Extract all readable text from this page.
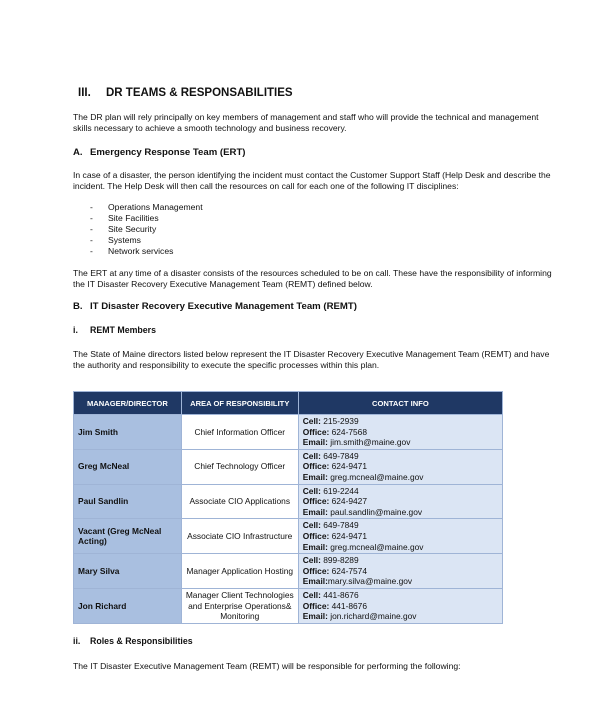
III. DR TEAMS & RESPONSABILITIES
The DR plan will rely principally on key members of management and staff who will provide the technical and management skills necessary to achieve a smooth technology and business recovery.
A. Emergency Response Team (ERT)
In case of a disaster, the person identifying the incident must contact the Customer Support Staff (Help Desk and describe the incident. The Help Desk will then call the resources on call for each one of the following IT disciplines:
- Operations Management
- Site Facilities
- Site Security
- Systems
- Network services
The ERT at any time of a disaster consists of the resources scheduled to be on call. These have the responsibility of informing the IT Disaster Recovery Executive Management Team (REMT) defined below.
B. IT Disaster Recovery Executive Management Team (REMT)
i. REMT Members
The State of Maine directors listed below represent the IT Disaster Recovery Executive Management Team (REMT) and have the authority and responsibility to execute the specific processes within this plan.
MANAGER/DIRECTOR	AREA OF RESPONSIBILITY	CONTACT INFO
Jim Smith	Chief Information Officer	Cell: 215-2939
Office: 624-7568
Email: jim.smith@maine.gov

Greg McNeal	Chief Technology Officer	Cell: 649-7849
Office: 624-9471
Email: greg.mcneal@maine.gov

Paul Sandlin	Associate CIO Applications	Cell: 619-2244
Office: 624-9427
Email: paul.sandlin@maine.gov

Vacant (Greg McNeal Acting)	Associate CIO Infrastructure	Cell: 649-7849
Office: 624-9471
Email: greg.mcneal@maine.gov

Mary Silva	Manager Application Hosting	Cell: 899-8289
Office: 624-7574
Email:mary.silva@maine.gov

Jon Richard	Manager Client Technologies and Enterprise Operations& Monitoring	Cell: 441-8676
Office: 441-8676
Email: jon.richard@maine.gov
ii. Roles & Responsibilities
The IT Disaster Executive Management Team (REMT) will be responsible for performing the following:
